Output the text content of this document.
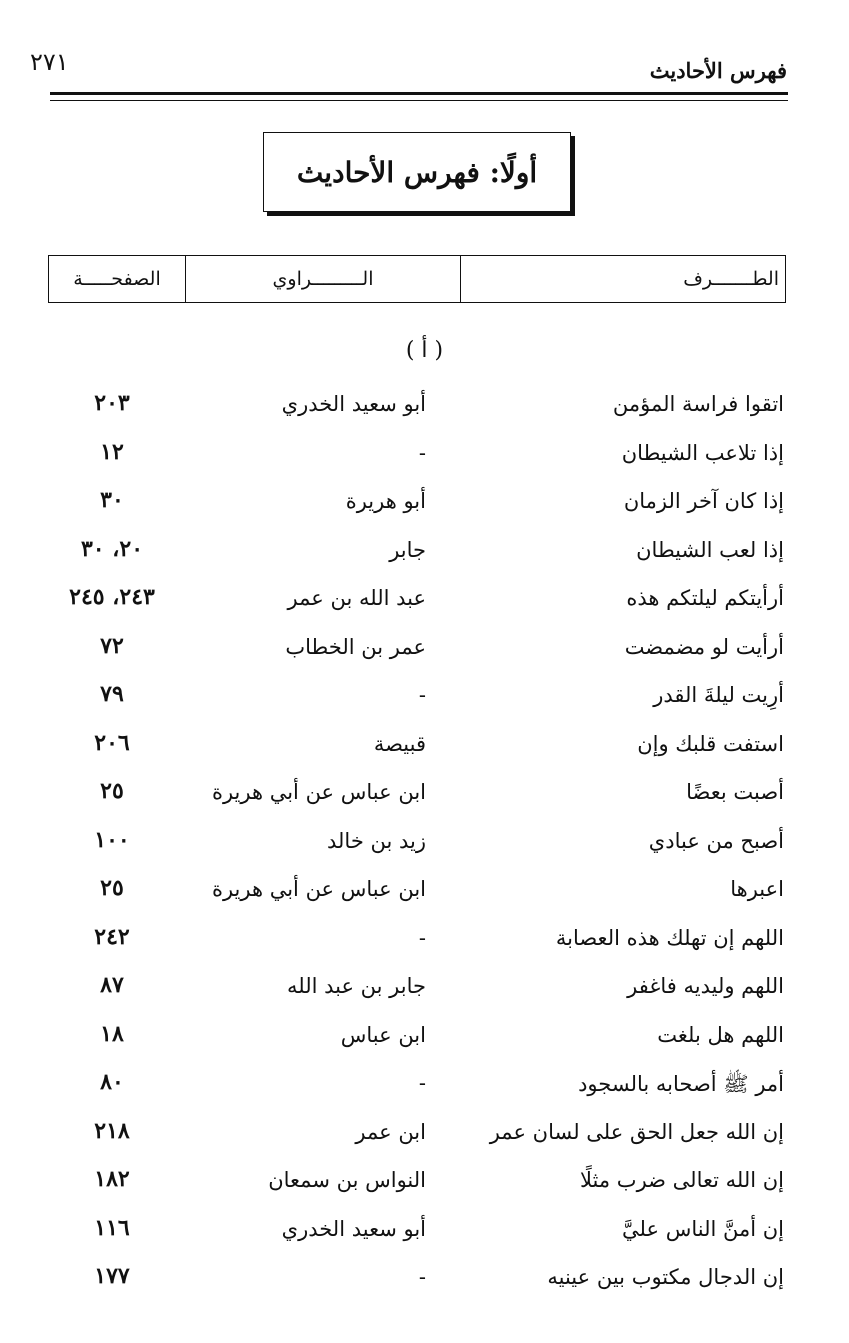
٢٧١	فهرس الأحاديث
أولًا: فهرس الأحاديث
الطـــــــرف
الـــــــــراوي
الصفحـــــة
( أ )
اتقوا فراسة المؤمن
أبو سعيد الخدري
٢٠٣
إذا تلاعب الشيطان
-
١٢
إذا كان آخر الزمان
أبو هريرة
٣٠
إذا لعب الشيطان
جابر
٢٠، ٣٠
أرأيتكم ليلتكم هذه
عبد الله بن عمر
٢٤٣، ٢٤٥
أرأيت لو مضمضت
عمر بن الخطاب
٧٢
أرِيت ليلةَ القدر
-
٧٩
استفت قلبك وإن
قبيصة
٢٠٦
أصبت بعضًا
ابن عباس عن أبي هريرة
٢٥
أصبح من عبادي
زيد بن خالد
١٠٠
اعبرها
ابن عباس عن أبي هريرة
٢٥
اللهم إن تهلك هذه العصابة
-
٢٤٢
اللهم وليديه فاغفر
جابر بن عبد الله
٨٧
اللهم هل بلغت
ابن عباس
١٨
أمر ﷺ أصحابه بالسجود
-
٨٠
إن الله جعل الحق على لسان عمر
ابن عمر
٢١٨
إن الله تعالى ضرب مثلًا
النواس بن سمعان
١٨٢
إن أمنَّ الناس عليَّ
أبو سعيد الخدري
١١٦
إن الدجال مكتوب بين عينيه
-
١٧٧
